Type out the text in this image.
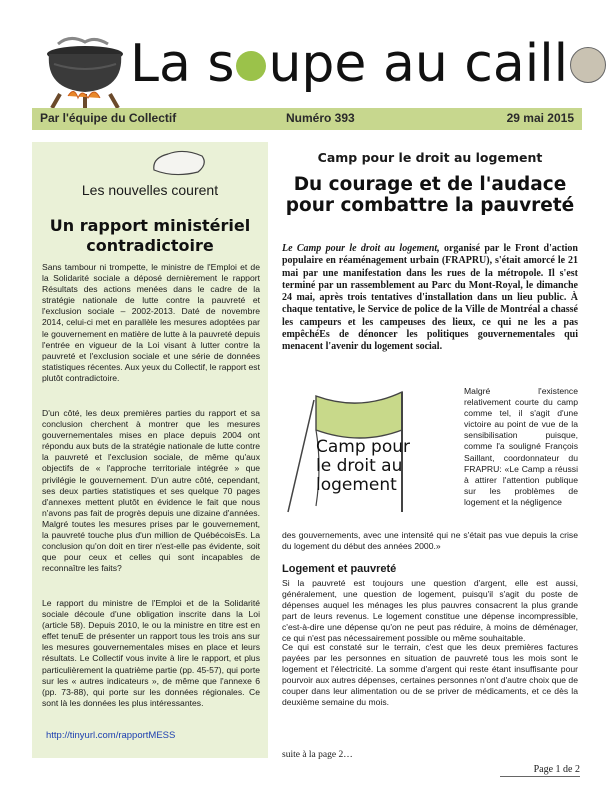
La s upe au caill
Par l'équipe du Collectif	Numéro 393	29 mai 2015
Les nouvelles courent
Un rapport ministériel contradictoire

Sans tambour ni trompette, le ministre de l'Emploi et de la Solidarité sociale a déposé dernièrement le rapport Résultats des actions menées dans le cadre de la stratégie nationale de lutte contre la pauvreté et l'exclusion sociale – 2002-2013. Daté de novembre 2014, celui-ci met en parallèle les mesures adoptées par le gouvernement en matière de lutte à la pauvreté depuis l'entrée en vigueur de la Loi visant à lutter contre la pauvreté et l'exclusion sociale et une série de données statistiques récentes. Aux yeux du Collectif, le rapport est plutôt contradictoire.

D'un côté, les deux premières parties du rapport et sa conclusion cherchent à montrer que les mesures gouvernementales mises en place depuis 2004 ont répondu aux buts de la stratégie nationale de lutte contre la pauvreté et l'exclusion sociale, de même qu'aux objectifs de « l'approche territoriale intégrée » que privilégie le gouvernement. D'un autre côté, cependant, ses deux parties statistiques et ses quelque 70 pages d'annexes mettent plutôt en évidence le fait que nous n'avons pas fait de progrès depuis une dizaine d'années. Malgré toutes les mesures prises par le gouvernement, la pauvreté touche plus d'un million de QuébécoisEs. La conclusion qu'on doit en tirer n'est-elle pas évidente, soit que pour ceux et celles qui sont incapables de reconnaître les faits?

Le rapport du ministre de l'Emploi et de la Solidarité sociale découle d'une obligation inscrite dans la Loi (article 58). Depuis 2010, le ou la ministre en titre est en effet tenuE de présenter un rapport tous les trois ans sur les mesures gouvernementales mises en place et leurs résultats. Le Collectif vous invite à lire le rapport, et plus particulièrement la quatrième partie (pp. 45-57), qui porte sur les « autres indicateurs », de même que l'annexe 6 (pp. 73-88), qui porte sur les données régionales. Ce sont là les données les plus intéressantes.

http://tinyurl.com/rapportMESS
Camp pour le droit au logement
Du courage et de l'audace pour combattre la pauvreté

Le Camp pour le droit au logement, organisé par le Front d'action populaire en réaménagement urbain (FRAPRU), s'était amorcé le 21 mai par une manifestation dans les rues de la métropole. Il s'est terminé par un rassemblement au Parc du Mont-Royal, le dimanche 24 mai, après trois tentatives d'installation dans un lieu public. À chaque tentative, le Service de police de la Ville de Montréal a chassé les campeurs et les campeuses des lieux, ce qui ne les a pas empêchéEs de dénoncer les politiques gouvernementales qui menacent l'avenir du logement social.

Camp pour
le droit au
logement

Malgré l'existence relativement courte du camp comme tel, il s'agit d'une victoire au point de vue de la sensibilisation puisque, comme l'a souligné François Saillant, coordonnateur du FRAPRU: «Le Camp a réussi à attirer l'attention publique sur les problèmes de logement et la négligence

des gouvernements, avec une intensité qui ne s'était pas vue depuis la crise du logement du début des années 2000.»

Logement et pauvreté

Si la pauvreté est toujours une question d'argent, elle est aussi, généralement, une question de logement, puisqu'il s'agit du poste de dépenses auquel les ménages les plus pauvres consacrent la plus grande part de leurs revenus. Le logement constitue une dépense incompressible, c'est-à-dire une dépense qu'on ne peut pas réduire, à moins de déménager, ce qui n'est pas nécessairement possible ou même souhaitable.

Ce qui est constaté sur le terrain, c'est que les deux premières factures payées par les personnes en situation de pauvreté tous les mois sont le logement et l'électricité. La somme d'argent qui reste étant insuffisante pour pourvoir aux autres dépenses, certaines personnes n'ont d'autre choix que de couper dans leur alimentation ou de se priver de médicaments, et ce dès la deuxième semaine du mois.

suite à la page 2…
Page 1 de 2
